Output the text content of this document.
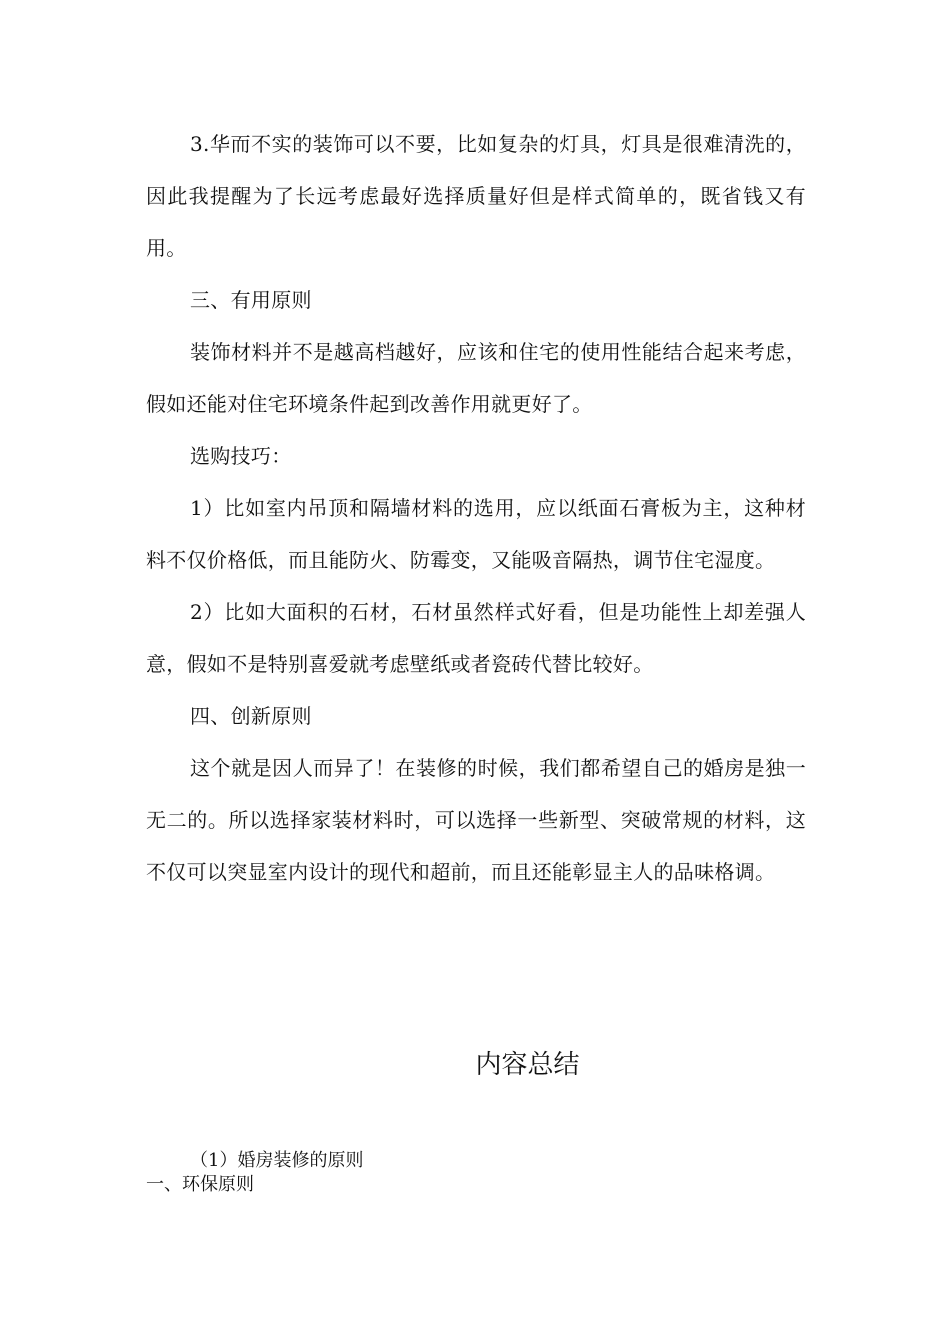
3.华而不实的装饰可以不要，比如复杂的灯具，灯具是很难清洗的，因此我提醒为了长远考虑最好选择质量好但是样式简单的，既省钱又有用。

三、有用原则

装饰材料并不是越高档越好，应该和住宅的使用性能结合起来考虑，假如还能对住宅环境条件起到改善作用就更好了。

选购技巧：

1）比如室内吊顶和隔墙材料的选用，应以纸面石膏板为主，这种材料不仅价格低，而且能防火、防霉变，又能吸音隔热，调节住宅湿度。

2）比如大面积的石材，石材虽然样式好看，但是功能性上却差强人意，假如不是特别喜爱就考虑壁纸或者瓷砖代替比较好。

四、创新原则

这个就是因人而异了！在装修的时候，我们都希望自己的婚房是独一无二的。所以选择家装材料时，可以选择一些新型、突破常规的材料，这不仅可以突显室内设计的现代和超前，而且还能彰显主人的品味格调。

内容总结
（1）婚房装修的原则
一、环保原则
